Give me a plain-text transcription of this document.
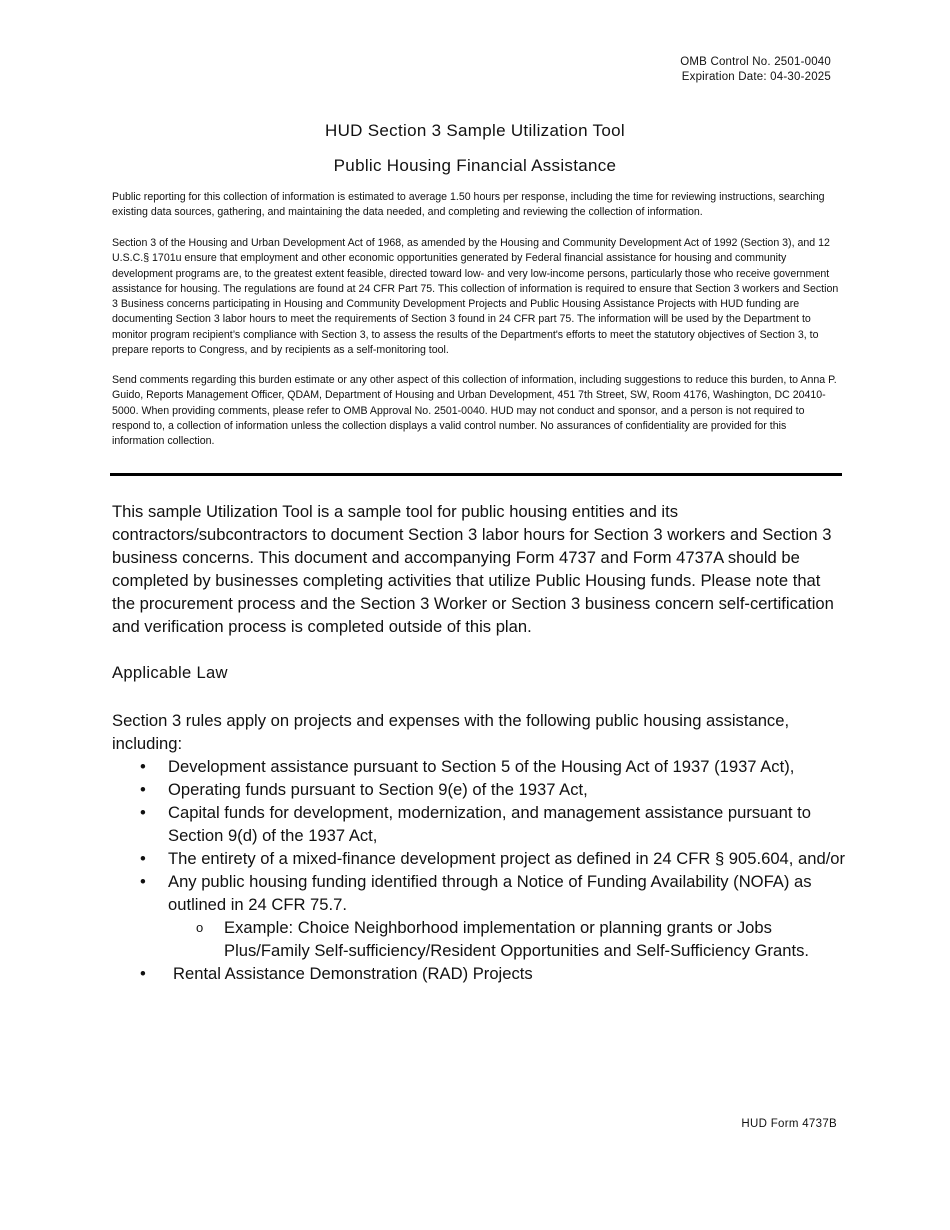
OMB Control No. 2501-0040
Expiration Date: 04-30-2025
HUD Section 3 Sample Utilization Tool
Public Housing Financial Assistance

Public reporting for this collection of information is estimated to average 1.50 hours per response, including the time for reviewing instructions, searching existing data sources, gathering, and maintaining the data needed, and completing and reviewing the collection of information.

Section 3 of the Housing and Urban Development Act of 1968, as amended by the Housing and Community Development Act of 1992 (Section 3), and 12 U.S.C.§ 1701u ensure that employment and other economic opportunities generated by Federal financial assistance for housing and community development programs are, to the greatest extent feasible, directed toward low- and very low-income persons, particularly those who receive government assistance for housing. The regulations are found at 24 CFR Part 75. This collection of information is required to ensure that Section 3 workers and Section 3 Business concerns participating in Housing and Community Development Projects and Public Housing Assistance Projects with HUD funding are documenting Section 3 labor hours to meet the requirements of Section 3 found in 24 CFR part 75. The information will be used by the Department to monitor program recipient’s compliance with Section 3, to assess the results of the Department's efforts to meet the statutory objectives of Section 3, to prepare reports to Congress, and by recipients as a self-monitoring tool.

Send comments regarding this burden estimate or any other aspect of this collection of information, including suggestions to reduce this burden, to Anna P. Guido, Reports Management Officer, QDAM, Department of Housing and Urban Development, 451 7th Street, SW, Room 4176, Washington, DC 20410-5000. When providing comments, please refer to OMB Approval No. 2501-0040. HUD may not conduct and sponsor, and a person is not required to respond to, a collection of information unless the collection displays a valid control number. No assurances of confidentiality are provided for this information collection.

This sample Utilization Tool is a sample tool for public housing entities and its contractors/subcontractors to document Section 3 labor hours for Section 3 workers and Section 3 business concerns. This document and accompanying Form 4737 and Form 4737A should be completed by businesses completing activities that utilize Public Housing funds. Please note that the procurement process and the Section 3 Worker or Section 3 business concern self-certification and verification process is completed outside of this plan.

Applicable Law

Section 3 rules apply on projects and expenses with the following public housing assistance, including:

• Development assistance pursuant to Section 5 of the Housing Act of 1937 (1937 Act),
• Operating funds pursuant to Section 9(e) of the 1937 Act,
• Capital funds for development, modernization, and management assistance pursuant to Section 9(d) of the 1937 Act,
• The entirety of a mixed-finance development project as defined in 24 CFR § 905.604, and/or
• Any public housing funding identified through a Notice of Funding Availability (NOFA) as outlined in 24 CFR 75.7.
o Example: Choice Neighborhood implementation or planning grants or Jobs Plus/Family Self-sufficiency/Resident Opportunities and Self-Sufficiency Grants.
• Rental Assistance Demonstration (RAD) Projects
HUD Form 4737B
